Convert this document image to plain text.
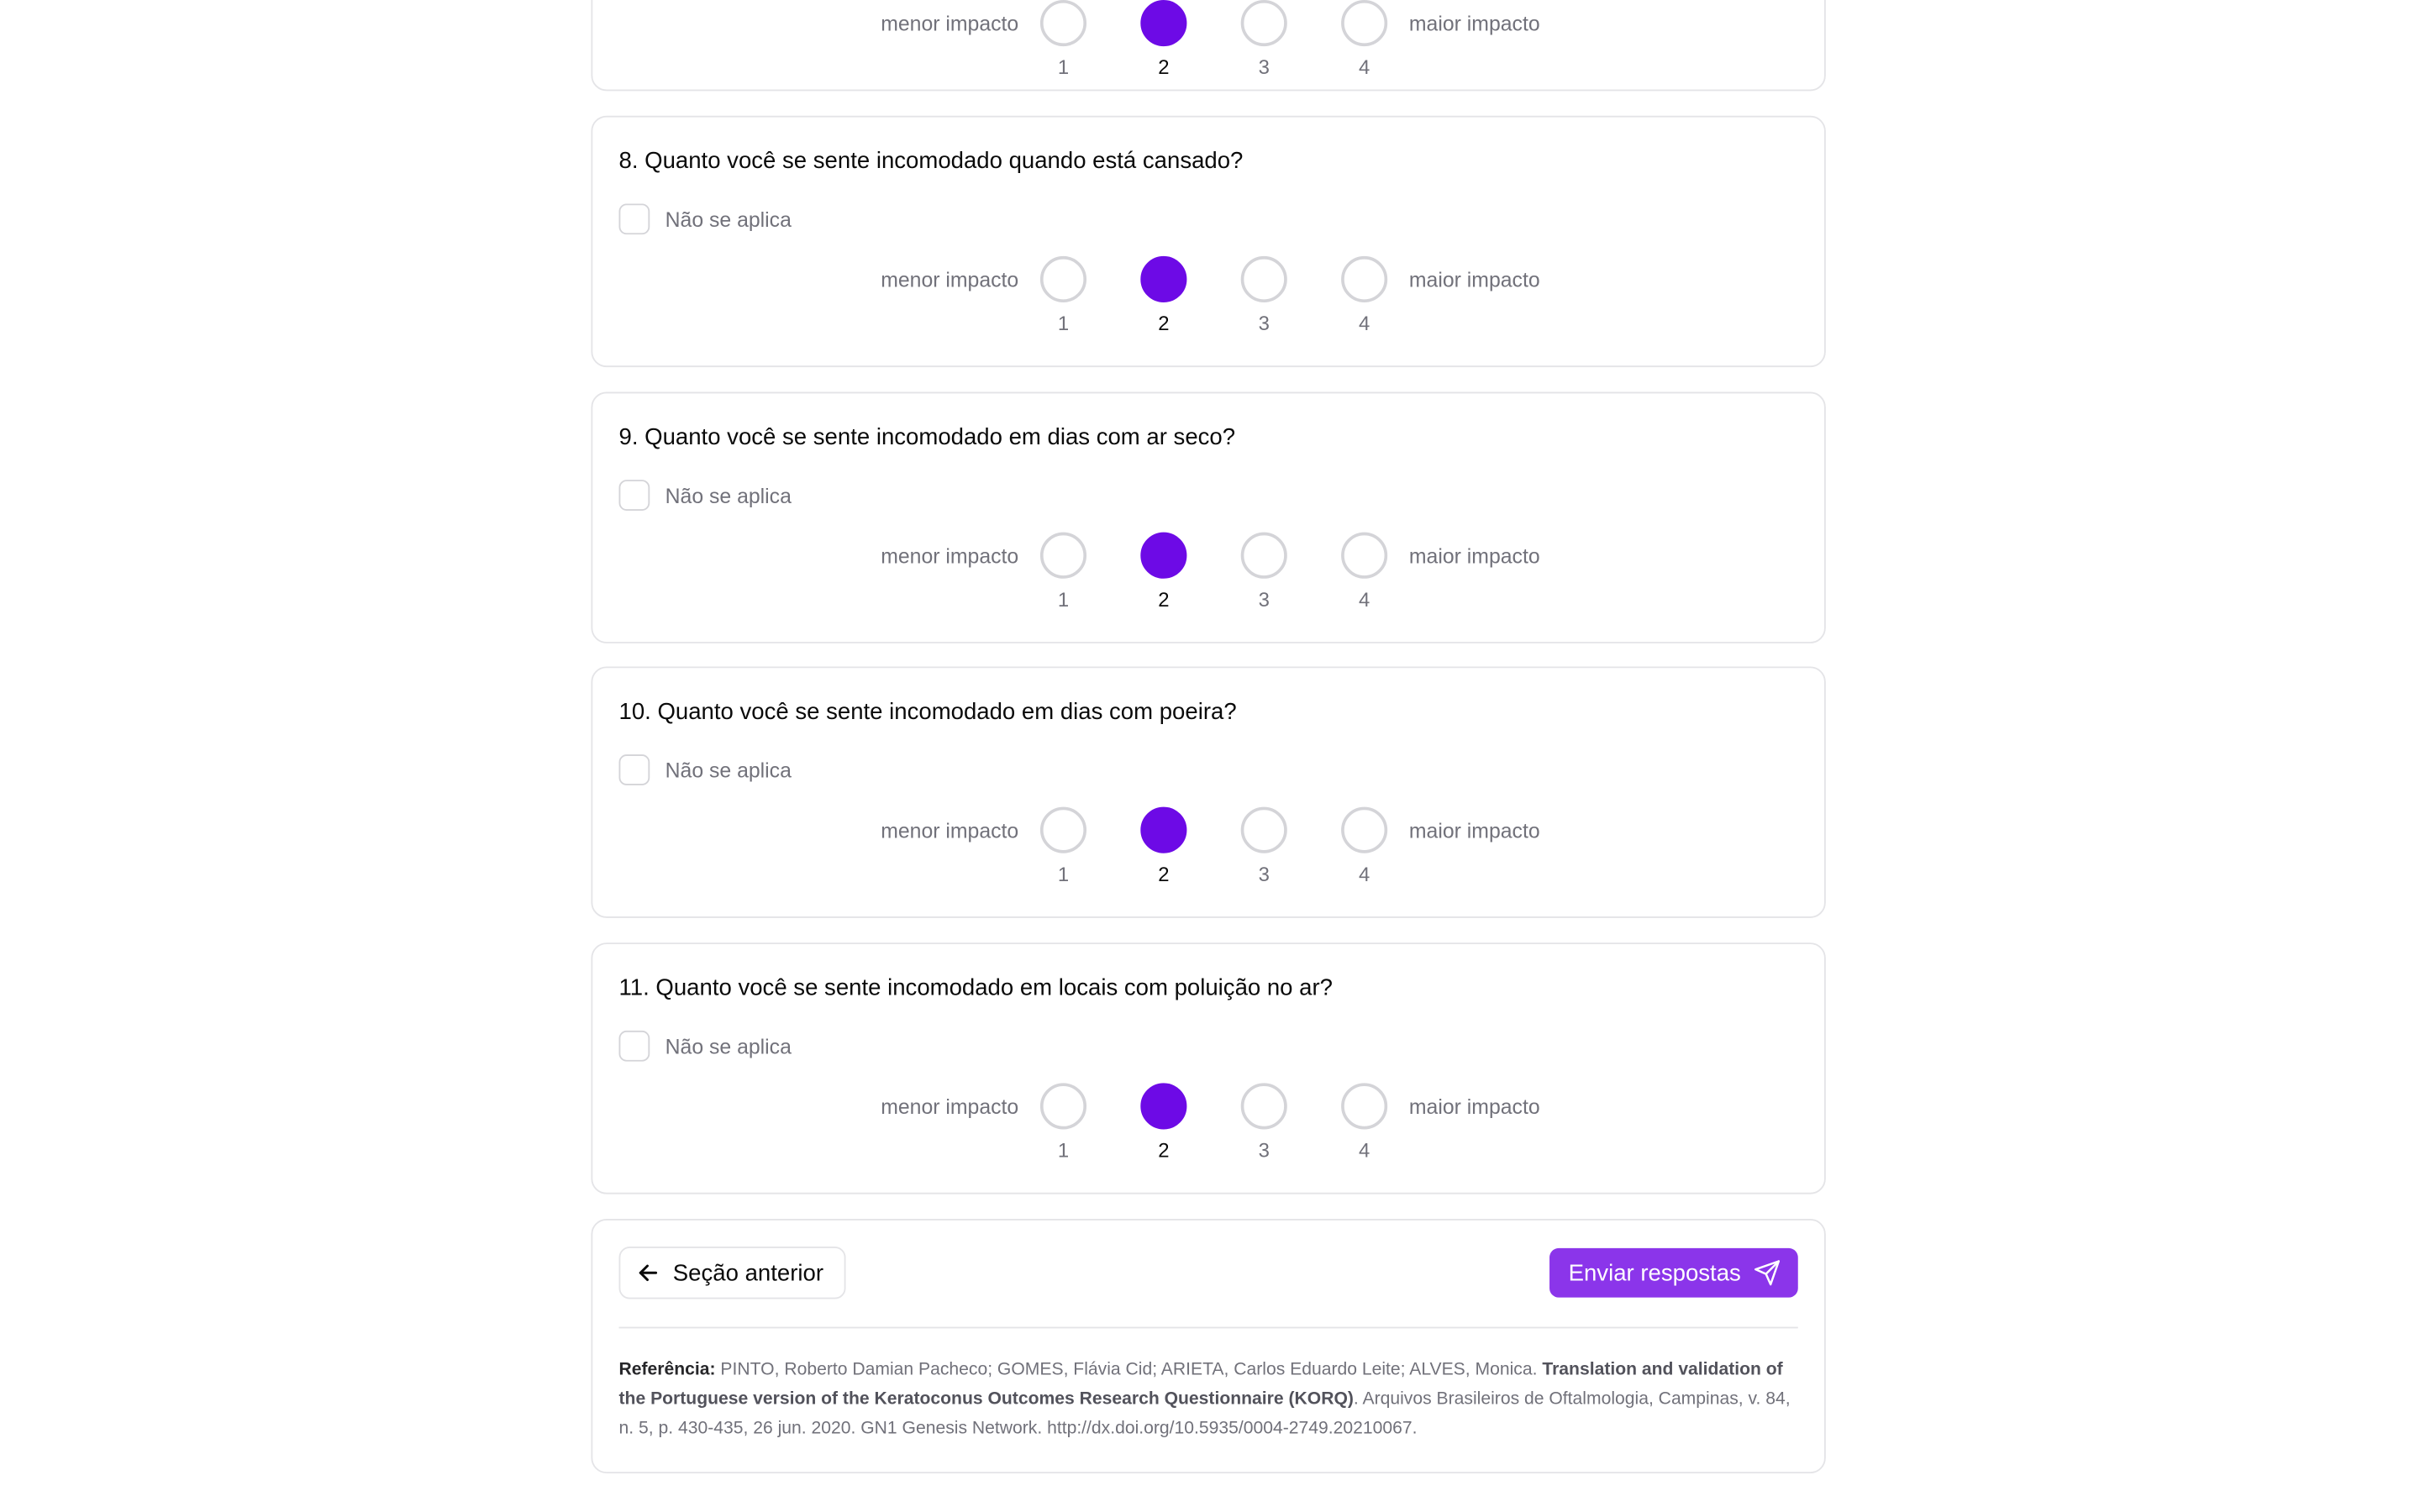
menor impacto
1	2	3	4
maior impacto
8. Quanto você se sente incomodado quando está cansado?
Não se aplica
menor impacto
1	2	3	4
maior impacto
9. Quanto você se sente incomodado em dias com ar seco?
Não se aplica
menor impacto
1	2	3	4
maior impacto
10. Quanto você se sente incomodado em dias com poeira?
Não se aplica
menor impacto
1	2	3	4
maior impacto
11. Quanto você se sente incomodado em locais com poluição no ar?
Não se aplica
menor impacto
1	2	3	4
maior impacto
Seção anterior	Enviar respostas
Referência: PINTO, Roberto Damian Pacheco; GOMES, Flávia Cid; ARIETA, Carlos Eduardo Leite; ALVES, Monica. Translation and validation of the Portuguese version of the Keratoconus Outcomes Research Questionnaire (KORQ). Arquivos Brasileiros de Oftalmologia, Campinas, v. 84, n. 5, p. 430-435, 26 jun. 2020. GN1 Genesis Network. http://dx.doi.org/10.5935/0004-2749.20210067.
